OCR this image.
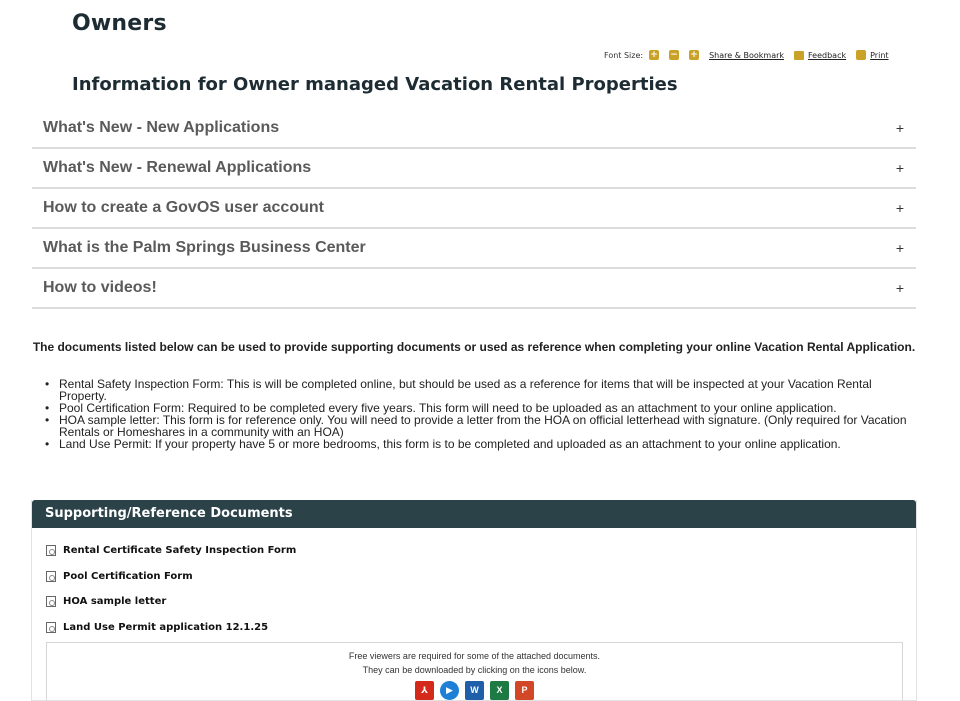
Owners
Font Size: + − + Share & Bookmark	Feedback	Print
Information for Owner managed Vacation Rental Properties
What's New - New Applications	+
What's New - Renewal Applications	+
How to create a GovOS user account	+
What is the Palm Springs Business Center	+
How to videos!	+

The documents listed below can be used to provide supporting documents or used as reference when completing your online Vacation Rental Application.

• Rental Safety Inspection Form: This is will be completed online, but should be used as a reference for items that will be inspected at your Vacation Rental Property.
• Pool Certification Form: Required to be completed every five years. This form will need to be uploaded as an attachment to your online application.
• HOA sample letter: This form is for reference only. You will need to provide a letter from the HOA on official letterhead with signature. (Only required for Vacation Rentals or Homeshares in a community with an HOA)
• Land Use Permit: If your property have 5 or more bedrooms, this form is to be completed and uploaded as an attachment to your online application.
Supporting/Reference Documents
Rental Certificate Safety Inspection Form
Pool Certification Form
HOA sample letter
Land Use Permit application 12.1.25
Free viewers are required for some of the attached documents.
They can be downloaded by clicking on the icons below.
⅄	▶	W	X	P
